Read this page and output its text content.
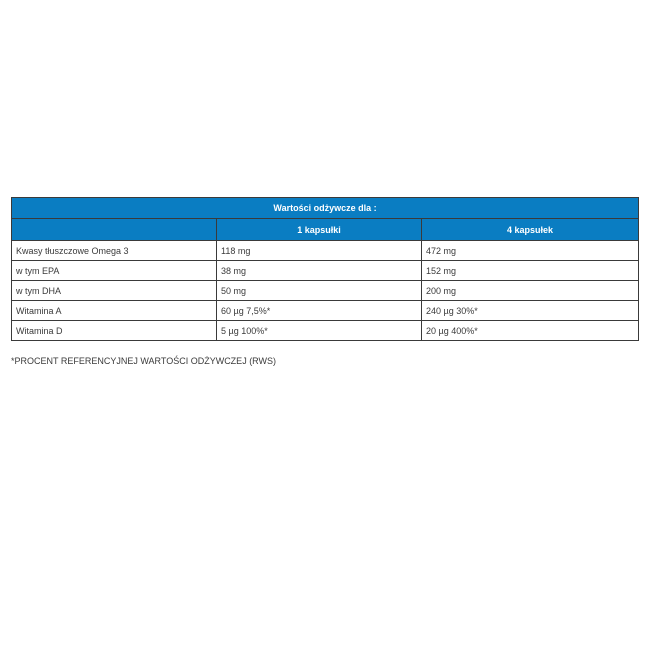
Wartości odżywcze dla :		
	1 kapsułki	4 kapsułek
Kwasy tłuszczowe Omega 3	118 mg	472 mg
w tym EPA	38 mg	152 mg
w tym DHA	50 mg	200 mg
Witamina A	60 µg 7,5%*	240 µg 30%*
Witamina D	5 µg 100%*	20 µg 400%*
*PROCENT REFERENCYJNEJ WARTOŚCI ODŻYWCZEJ (RWS)
